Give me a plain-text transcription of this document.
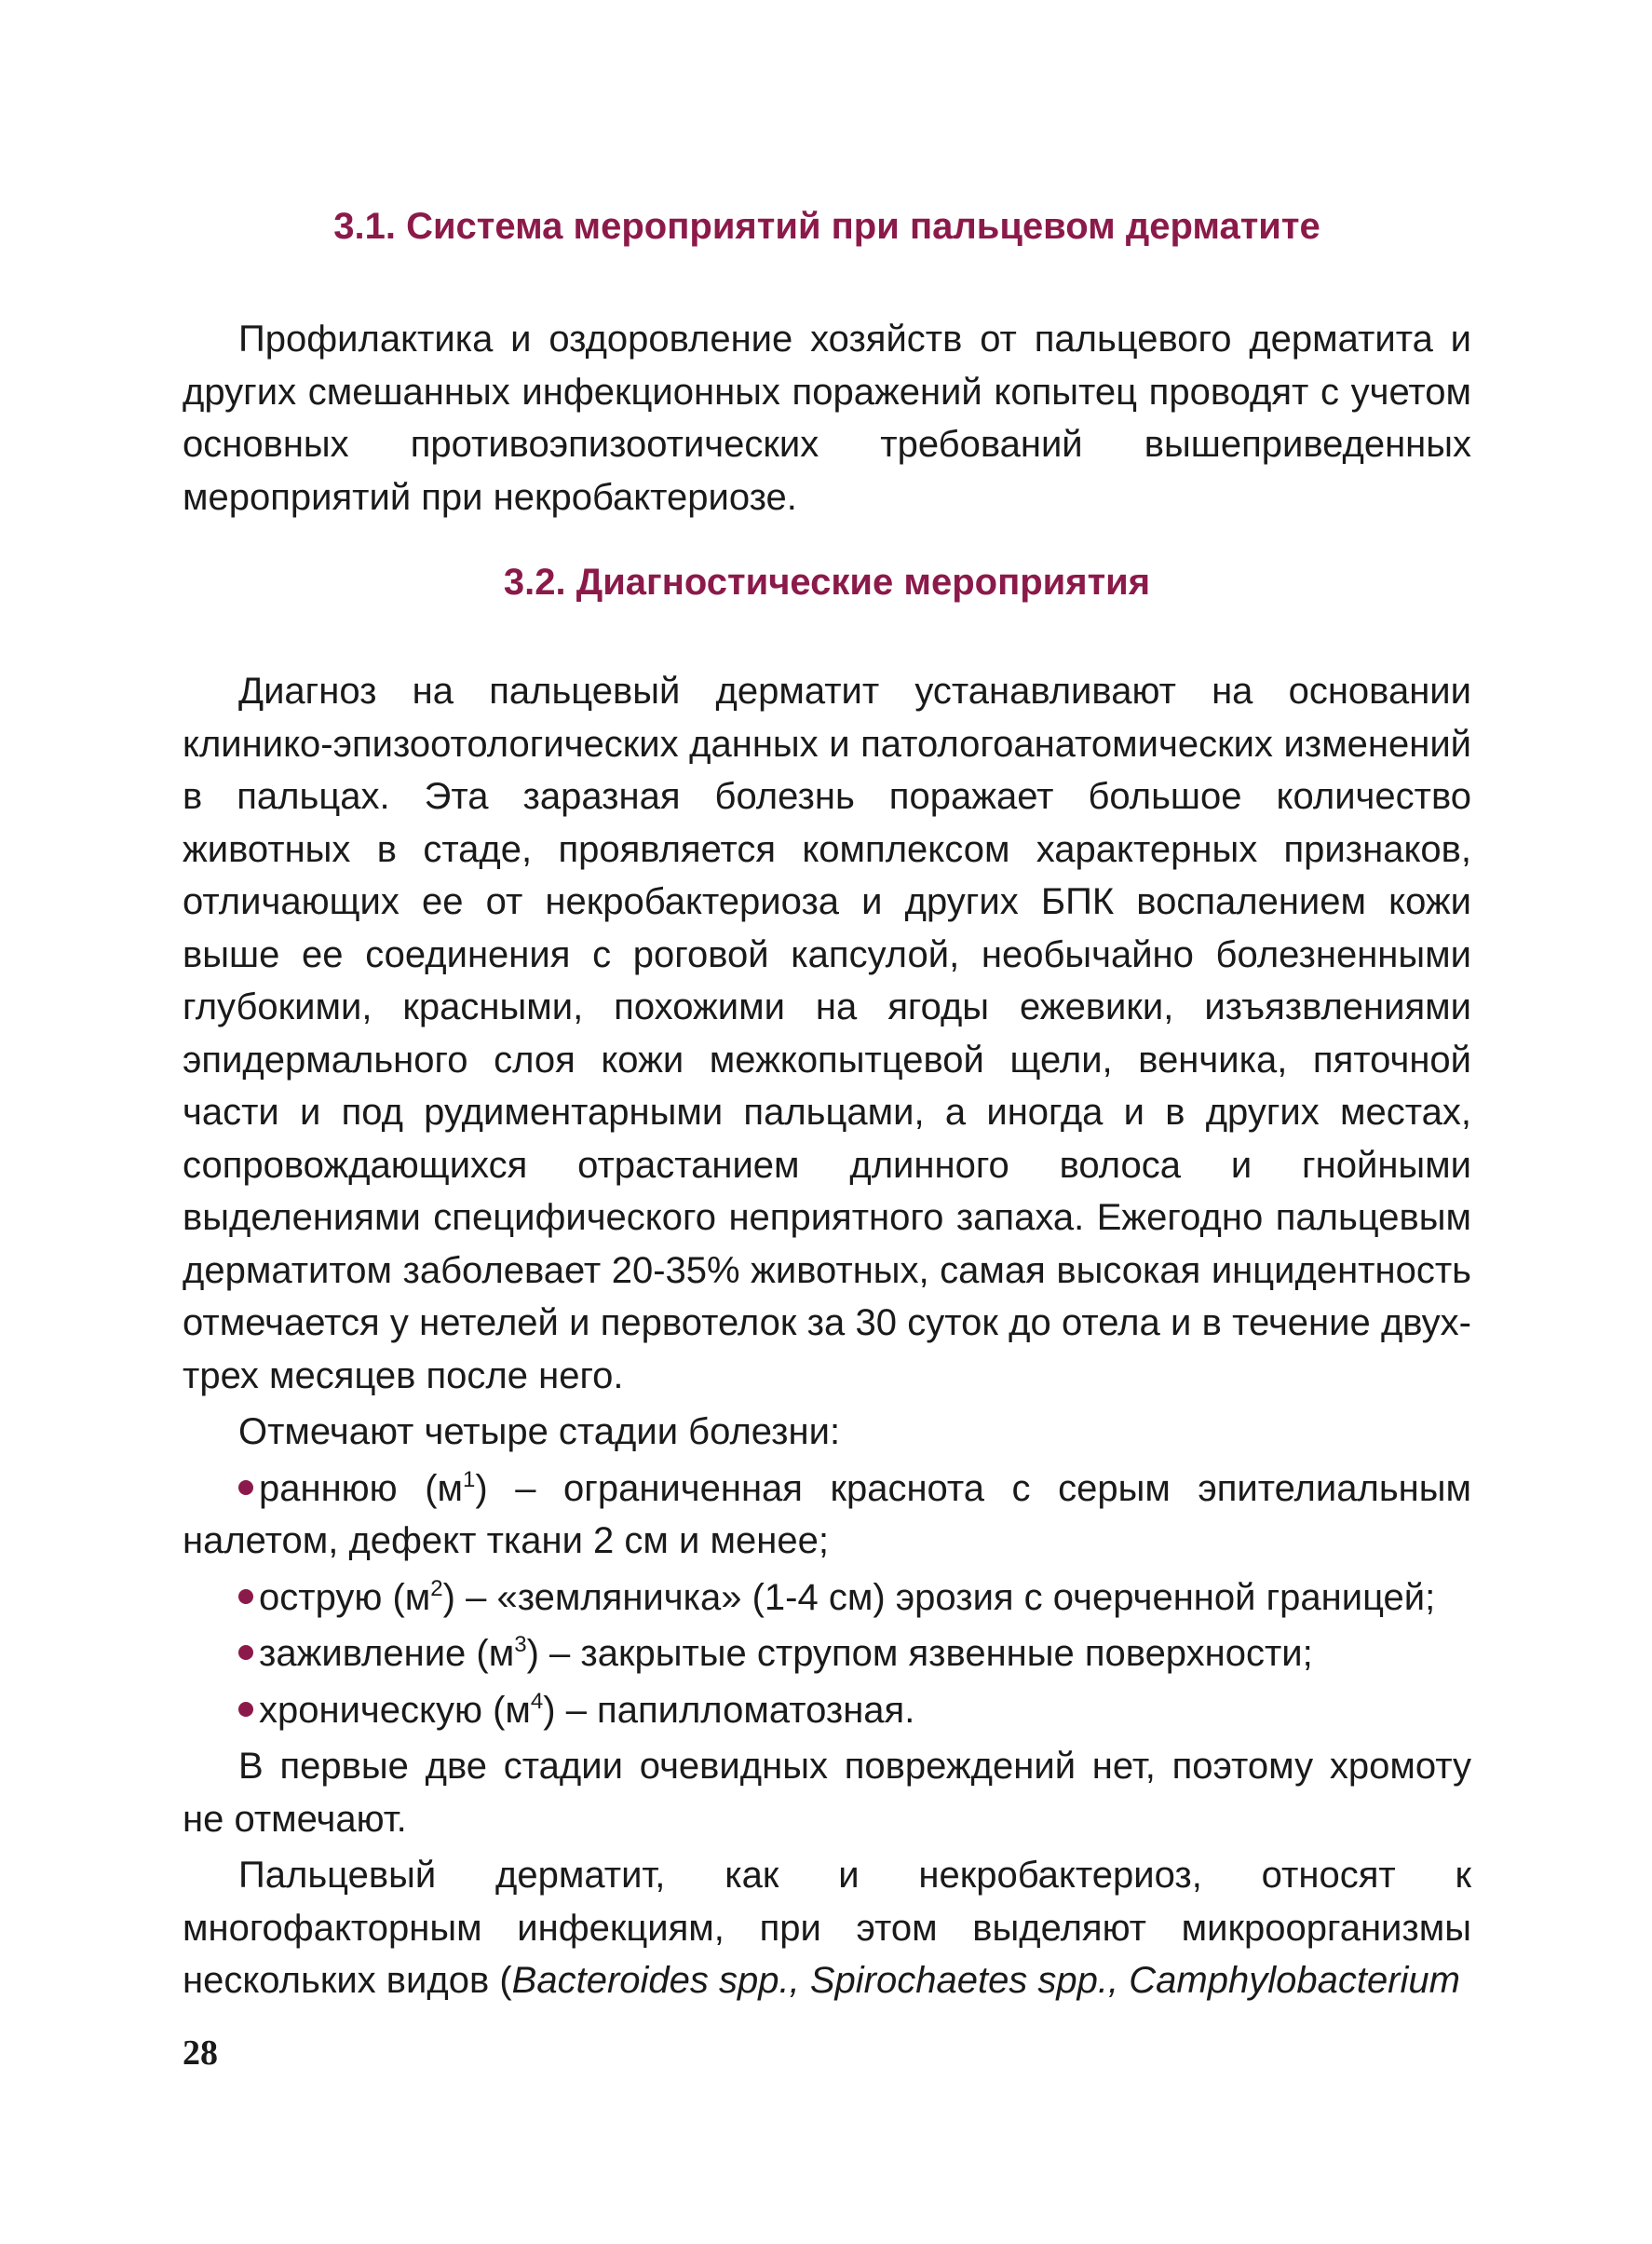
3.1. Система мероприятий при пальцевом дерматите

Профилактика и оздоровление хозяйств от пальцевого дерматита и других смешанных инфекционных поражений копытец проводят с учетом основных противоэпизоотических требований вышеприведенных мероприятий при некробактериозе.

3.2. Диагностические мероприятия

Диагноз на пальцевый дерматит устанавливают на основании клинико-эпизоотологических данных и патологоанатомических изменений в пальцах. Эта заразная болезнь поражает большое количество животных в стаде, проявляется комплексом характерных признаков, отличающих ее от некробактериоза и других БПК воспалением кожи выше ее соединения с роговой капсулой, необычайно болезненными глубокими, красными, похожими на ягоды ежевики, изъязвлениями эпидермального слоя кожи межкопытцевой щели, венчика, пяточной части и под рудиментарными пальцами, а иногда и в других местах, сопровождающихся отрастанием длинного волоса и гнойными выделениями специфического неприятного запаха. Ежегодно пальцевым дерматитом заболевает 20-35% животных, самая высокая инцидентность отмечается у нетелей и первотелок за 30 суток до отела и в течение двух-трех месяцев после него.

Отмечают четыре стадии болезни:

раннюю $(м^1)$ – ограниченная краснота с серым эпителиальным налетом, дефект ткани 2 см и менее;

острую $(м^2)$ – «земляничка» (1-4 см) эрозия с очерченной границей;

заживление $(м^3)$ – закрытые струпом язвенные поверхности;

хроническую $(м^4)$ – папилломатозная.

В первые две стадии очевидных повреждений нет, поэтому хромоту не отмечают.

Пальцевый дерматит, как и некробактериоз, относят к многофакторным инфекциям, при этом выделяют микроорганизмы нескольких видов (Bacteroides spp., Spirochaetes spp., Camphylobacterium

28
